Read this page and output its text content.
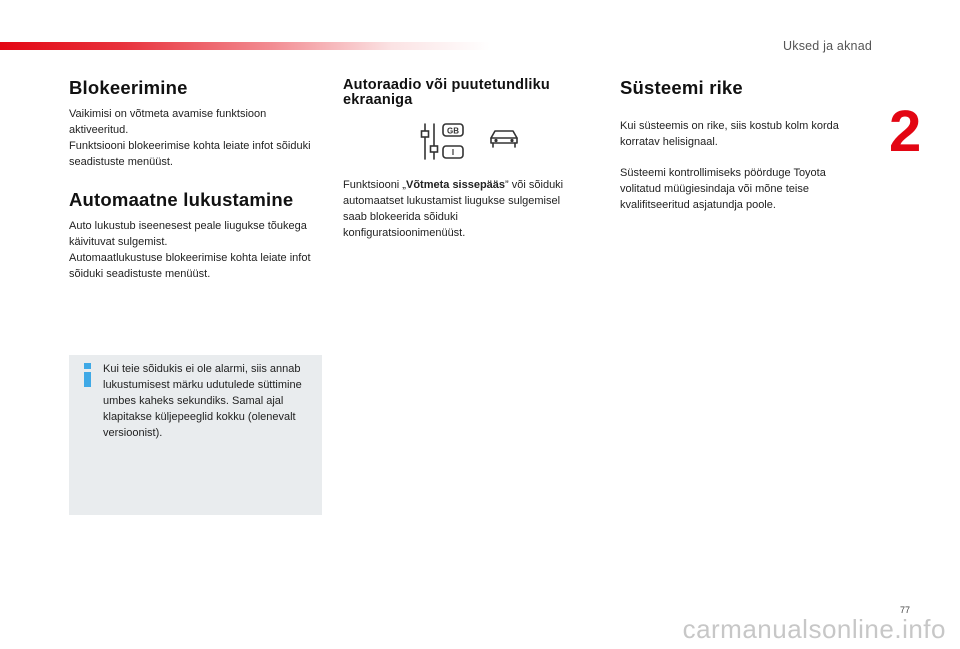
Uksed ja aknad
2
Blokeerimine

Vaikimisi on võtmeta avamise funktsioon aktiveeritud.

Funktsiooni blokeerimise kohta leiate infot sõiduki seadistuste menüüst.

Automaatne lukustamine

Auto lukustub iseenesest peale liugukse tõukega käivituvat sulgemist.

Automaatlukustuse blokeerimise kohta leiate infot sõiduki seadistuste menüüst.

Kui teie sõidukis ei ole alarmi, siis annab lukustumisest märku udutulede süttimine umbes kaheks sekundiks. Samal ajal klapitakse küljepeeglid kokku (olenevalt versioonist).

Autoraadio või puutetundliku ekraaniga
GB
I

Funktsiooni „Võtmeta sissepääs” või sõiduki automaatset lukustamist liugukse sulgemisel saab blokeerida sõiduki konfiguratsioonimenüüst.

Süsteemi rike

Kui süsteemis on rike, siis kostub kolm korda korratav helisignaal.

Süsteemi kontrollimiseks pöörduge Toyota volitatud müügiesindaja või mõne teise kvalifitseeritud asjatundja poole.

77
carmanualsonline.info
